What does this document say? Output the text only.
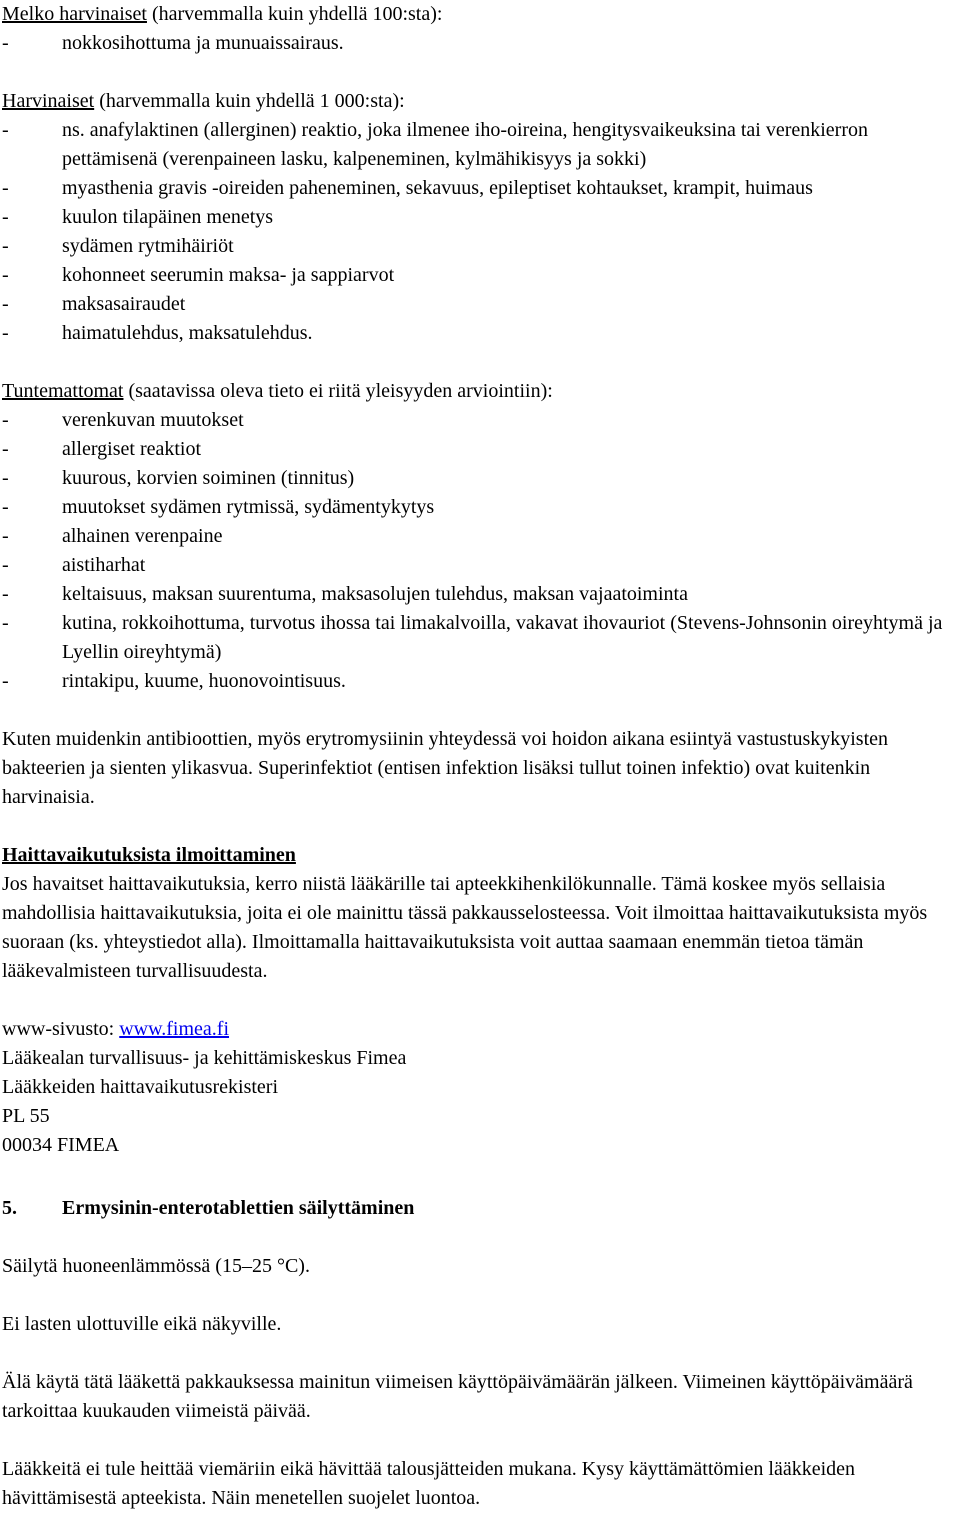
Melko harvinaiset (harvemmalla kuin yhdellä 100:sta):

-	nokkosihottuma ja munuaissairaus.

Harvinaiset (harvemmalla kuin yhdellä 1 000:sta):

-	ns. anafylaktinen (allerginen) reaktio, joka ilmenee iho-oireina, hengitysvaikeuksina tai verenkierron pettämisenä (verenpaineen lasku, kalpeneminen, kylmähikisyys ja sokki)
-	myasthenia gravis -oireiden paheneminen, sekavuus, epileptiset kohtaukset, krampit, huimaus
-	kuulon tilapäinen menetys
-	sydämen rytmihäiriöt
-	kohonneet seerumin maksa- ja sappiarvot
-	maksasairaudet
-	haimatulehdus, maksatulehdus.

Tuntemattomat (saatavissa oleva tieto ei riitä yleisyyden arviointiin):

-	verenkuvan muutokset
-	allergiset reaktiot
-	kuurous, korvien soiminen (tinnitus)
-	muutokset sydämen rytmissä, sydämentykytys
-	alhainen verenpaine
-	aistiharhat
-	keltaisuus, maksan suurentuma, maksasolujen tulehdus, maksan vajaatoiminta
-	kutina, rokkoihottuma, turvotus ihossa tai limakalvoilla, vakavat ihovauriot (Stevens-Johnsonin oireyhtymä ja Lyellin oireyhtymä)
-	rintakipu, kuume, huonovointisuus.

Kuten muidenkin antibioottien, myös erytromysiinin yhteydessä voi hoidon aikana esiintyä vastustuskykyisten bakteerien ja sienten ylikasvua. Superinfektiot (entisen infektion lisäksi tullut toinen infektio) ovat kuitenkin harvinaisia.

Haittavaikutuksista ilmoittaminen

Jos havaitset haittavaikutuksia, kerro niistä lääkärille tai apteekkihenkilökunnalle. Tämä koskee myös sellaisia mahdollisia haittavaikutuksia, joita ei ole mainittu tässä pakkausselosteessa. Voit ilmoittaa haittavaikutuksista myös suoraan (ks. yhteystiedot alla). Ilmoittamalla haittavaikutuksista voit auttaa saamaan enemmän tietoa tämän lääkevalmisteen turvallisuudesta.

www-sivusto: www.fimea.fi

Lääkealan turvallisuus- ja kehittämiskeskus Fimea

Lääkkeiden haittavaikutusrekisteri

PL 55

00034 FIMEA

5.	Ermysinin-enterotablettien säilyttäminen

Säilytä huoneenlämmössä (15–25 °C).

Ei lasten ulottuville eikä näkyville.

Älä käytä tätä lääkettä pakkauksessa mainitun viimeisen käyttöpäivämäärän jälkeen. Viimeinen käyttöpäivämäärä tarkoittaa kuukauden viimeistä päivää.

Lääkkeitä ei tule heittää viemäriin eikä hävittää talousjätteiden mukana. Kysy käyttämättömien lääkkeiden hävittämisestä apteekista. Näin menetellen suojelet luontoa.
